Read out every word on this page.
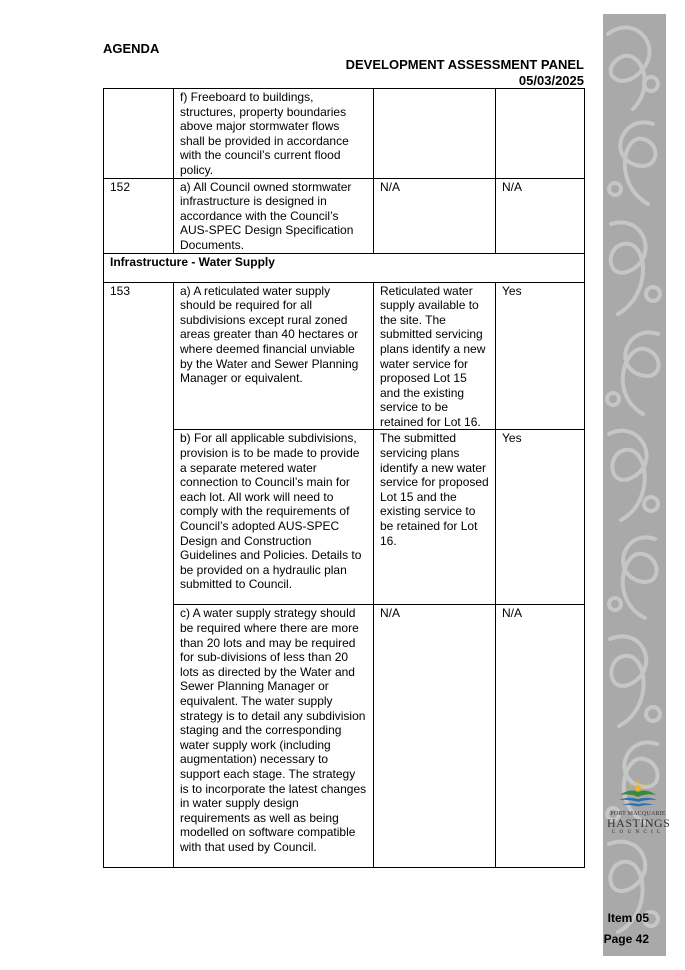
AGENDA
DEVELOPMENT ASSESSMENT PANEL
05/03/2025
	f) Freeboard to buildings, structures, property boundaries above major stormwater flows shall be provided in accordance with the council’s current flood policy.		
152	a) All Council owned stormwater infrastructure is designed in accordance with the Council’s AUS-SPEC Design Specification Documents.	N/A	N/A
Infrastructure - Water Supply			
153	a) A reticulated water supply should be required for all subdivisions except rural zoned areas greater than 40 hectares or where deemed financial unviable by the Water and Sewer Planning Manager or equivalent.	Reticulated water supply available to the site. The submitted servicing plans identify a new water service for proposed Lot 15 and the existing service to be retained for Lot 16.	Yes
	b) For all applicable subdivisions, provision is to be made to provide a separate metered water connection to Council’s main for each lot. All work will need to comply with the requirements of Council’s adopted AUS-SPEC Design and Construction Guidelines and Policies. Details to be provided on a hydraulic plan submitted to Council.	The submitted servicing plans identify a new water service for proposed Lot 15 and the existing service to be retained for Lot 16.	Yes
	c) A water supply strategy should be required where there are more than 20 lots and may be required for sub-divisions of less than 20 lots as directed by the Water and Sewer Planning Manager or equivalent. The water supply strategy is to detail any subdivision staging and the corresponding water supply work (including augmentation) necessary to support each stage. The strategy is to incorporate the latest changes in water supply design requirements as well as being modelled on software compatible with that used by Council.	N/A	N/A
PORT MACQUARIE
HASTINGS
COUNCIL
Item 05
Page 42
